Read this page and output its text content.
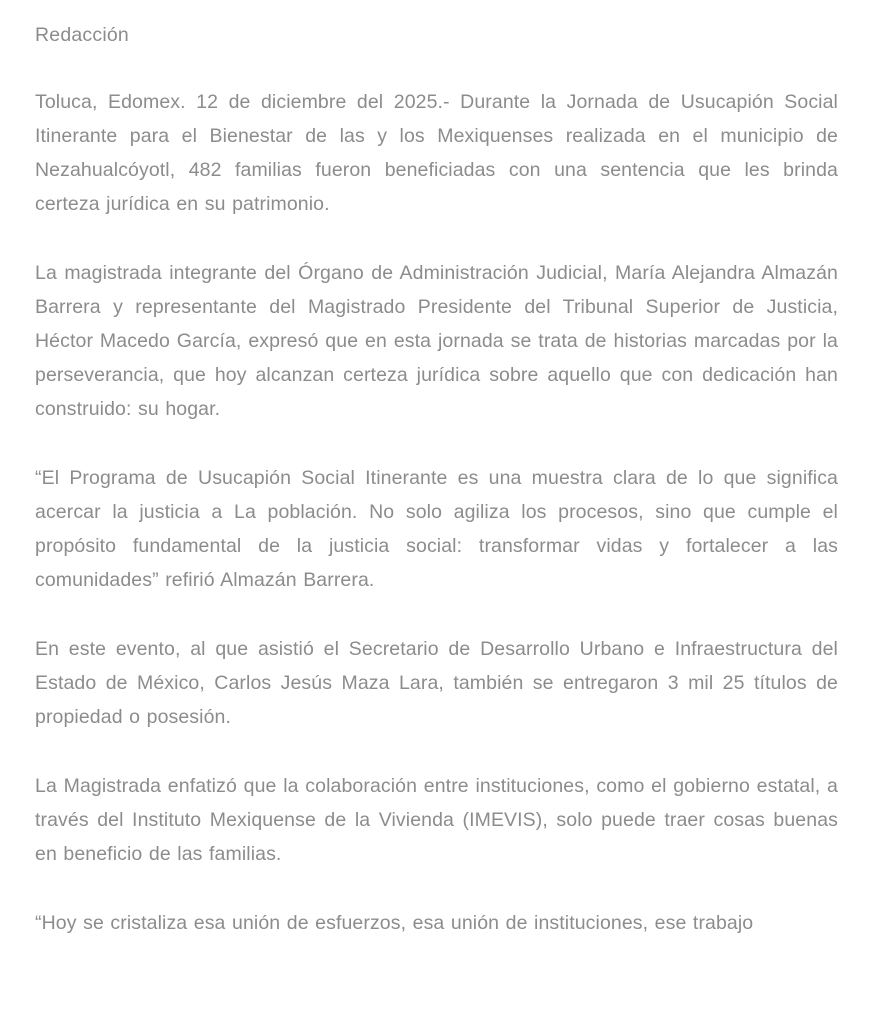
Redacción

Toluca, Edomex. 12 de diciembre del 2025.- Durante la Jornada de Usucapión Social Itinerante para el Bienestar de las y los Mexiquenses realizada en el municipio de Nezahualcóyotl, 482 familias fueron beneficiadas con una sentencia que les brinda certeza jurídica en su patrimonio.

La magistrada integrante del Órgano de Administración Judicial, María Alejandra Almazán Barrera y representante del Magistrado Presidente del Tribunal Superior de Justicia, Héctor Macedo García, expresó que en esta jornada se trata de historias marcadas por la perseverancia, que hoy alcanzan certeza jurídica sobre aquello que con dedicación han construido: su hogar.

“El Programa de Usucapión Social Itinerante es una muestra clara de lo que significa acercar la justicia a La población. No solo agiliza los procesos, sino que cumple el propósito fundamental de la justicia social: transformar vidas y fortalecer a las comunidades” refirió Almazán Barrera.

En este evento, al que asistió el Secretario de Desarrollo Urbano e Infraestructura del Estado de México, Carlos Jesús Maza Lara, también se entregaron 3 mil 25 títulos de propiedad o posesión.

La Magistrada enfatizó que la colaboración entre instituciones, como el gobierno estatal, a través del Instituto Mexiquense de la Vivienda (IMEVIS), solo puede traer cosas buenas en beneficio de las familias.

“Hoy se cristaliza esa unión de esfuerzos, esa unión de instituciones, ese trabajo
